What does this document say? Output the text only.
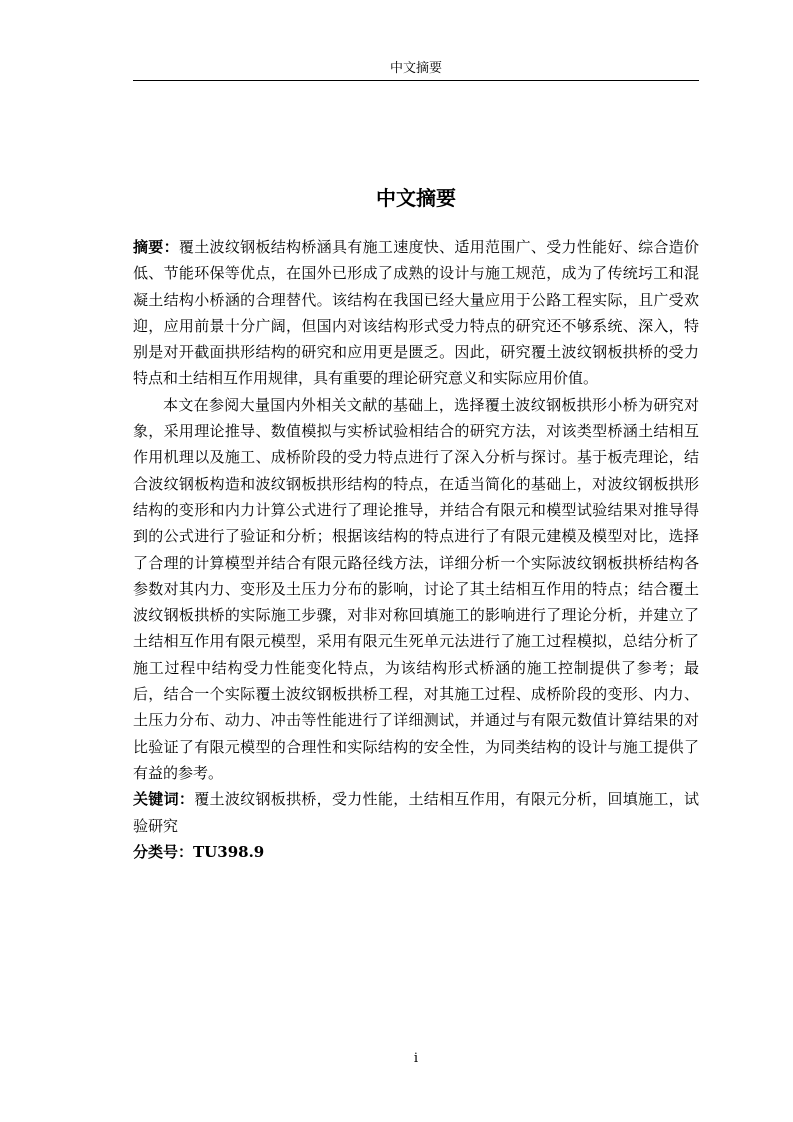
中文摘要
中文摘要

摘要：覆土波纹钢板结构桥涵具有施工速度快、适用范围广、受力性能好、综合造价低、节能环保等优点，在国外已形成了成熟的设计与施工规范，成为了传统圬工和混凝土结构小桥涵的合理替代。该结构在我国已经大量应用于公路工程实际，且广受欢迎，应用前景十分广阔，但国内对该结构形式受力特点的研究还不够系统、深入，特别是对开截面拱形结构的研究和应用更是匮乏。因此，研究覆土波纹钢板拱桥的受力特点和土结相互作用规律，具有重要的理论研究意义和实际应用价值。

本文在参阅大量国内外相关文献的基础上，选择覆土波纹钢板拱形小桥为研究对象，采用理论推导、数值模拟与实桥试验相结合的研究方法，对该类型桥涵土结相互作用机理以及施工、成桥阶段的受力特点进行了深入分析与探讨。基于板壳理论，结合波纹钢板构造和波纹钢板拱形结构的特点，在适当简化的基础上，对波纹钢板拱形结构的变形和内力计算公式进行了理论推导，并结合有限元和模型试验结果对推导得到的公式进行了验证和分析；根据该结构的特点进行了有限元建模及模型对比，选择了合理的计算模型并结合有限元路径线方法，详细分析一个实际波纹钢板拱桥结构各参数对其内力、变形及土压力分布的影响，讨论了其土结相互作用的特点；结合覆土波纹钢板拱桥的实际施工步骤，对非对称回填施工的影响进行了理论分析，并建立了土结相互作用有限元模型，采用有限元生死单元法进行了施工过程模拟，总结分析了施工过程中结构受力性能变化特点，为该结构形式桥涵的施工控制提供了参考；最后，结合一个实际覆土波纹钢板拱桥工程，对其施工过程、成桥阶段的变形、内力、土压力分布、动力、冲击等性能进行了详细测试，并通过与有限元数值计算结果的对比验证了有限元模型的合理性和实际结构的安全性，为同类结构的设计与施工提供了有益的参考。

关键词：覆土波纹钢板拱桥，受力性能，土结相互作用，有限元分析，回填施工，试验研究

分类号：TU398.9

i
